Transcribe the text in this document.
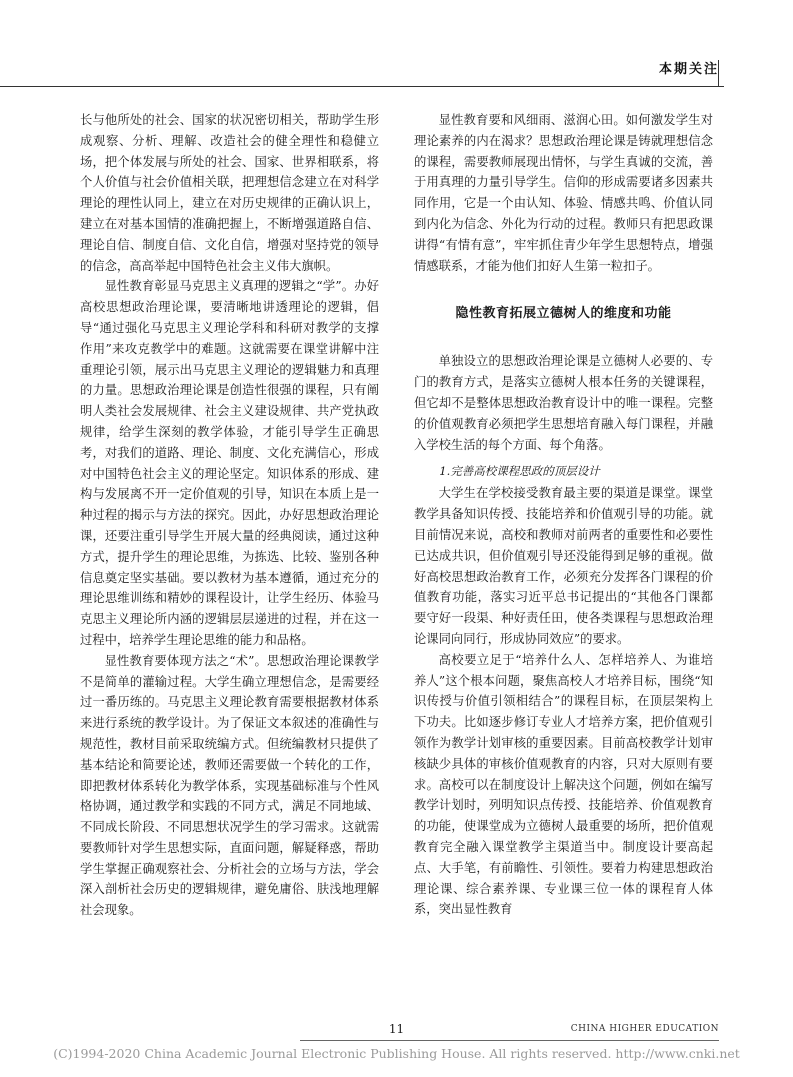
本期关注

长与他所处的社会、国家的状况密切相关，帮助学生形成观察、分析、理解、改造社会的健全理性和稳健立场，把个体发展与所处的社会、国家、世界相联系，将个人价值与社会价值相关联，把理想信念建立在对科学理论的理性认同上，建立在对历史规律的正确认识上，建立在对基本国情的准确把握上，不断增强道路自信、理论自信、制度自信、文化自信，增强对坚持党的领导的信念，高高举起中国特色社会主义伟大旗帜。

显性教育彰显马克思主义真理的逻辑之“学”。办好高校思想政治理论课，要清晰地讲透理论的逻辑，倡导“通过强化马克思主义理论学科和科研对教学的支撑作用”来攻克教学中的难题。这就需要在课堂讲解中注重理论引领，展示出马克思主义理论的逻辑魅力和真理的力量。思想政治理论课是创造性很强的课程，只有阐明人类社会发展规律、社会主义建设规律、共产党执政规律，给学生深刻的教学体验，才能引导学生正确思考，对我们的道路、理论、制度、文化充满信心，形成对中国特色社会主义的理论坚定。知识体系的形成、建构与发展离不开一定价值观的引导，知识在本质上是一种过程的揭示与方法的探究。因此，办好思想政治理论课，还要注重引导学生开展大量的经典阅读，通过这种方式，提升学生的理论思维，为拣选、比较、鉴别各种信息奠定坚实基础。要以教材为基本遵循，通过充分的理论思维训练和精妙的课程设计，让学生经历、体验马克思主义理论所内涵的逻辑层层递进的过程，并在这一过程中，培养学生理论思维的能力和品格。

显性教育要体现方法之“术”。思想政治理论课教学不是简单的灌输过程。大学生确立理想信念，是需要经过一番历练的。马克思主义理论教育需要根据教材体系来进行系统的教学设计。为了保证文本叙述的准确性与规范性，教材目前采取统编方式。但统编教材只提供了基本结论和简要论述，教师还需要做一个转化的工作，即把教材体系转化为教学体系，实现基础标准与个性风格协调，通过教学和实践的不同方式，满足不同地域、不同成长阶段、不同思想状况学生的学习需求。这就需要教师针对学生思想实际，直面问题，解疑释惑，帮助学生掌握正确观察社会、分析社会的立场与方法，学会深入剖析社会历史的逻辑规律，避免庸俗、肤浅地理解社会现象。

显性教育要和风细雨、滋润心田。如何激发学生对理论素养的内在渴求？思想政治理论课是铸就理想信念的课程，需要教师展现出情怀，与学生真诚的交流，善于用真理的力量引导学生。信仰的形成需要诸多因素共同作用，它是一个由认知、体验、情感共鸣、价值认同到内化为信念、外化为行动的过程。教师只有把思政课讲得“有情有意”，牢牢抓住青少年学生思想特点，增强情感联系，才能为他们扣好人生第一粒扣子。

隐性教育拓展立德树人的维度和功能

单独设立的思想政治理论课是立德树人必要的、专门的教育方式，是落实立德树人根本任务的关键课程，但它却不是整体思想政治教育设计中的唯一课程。完整的价值观教育必须把学生思想培育融入每门课程，并融入学校生活的每个方面、每个角落。

1.完善高校课程思政的顶层设计

大学生在学校接受教育最主要的渠道是课堂。课堂教学具备知识传授、技能培养和价值观引导的功能。就目前情况来说，高校和教师对前两者的重要性和必要性已达成共识，但价值观引导还没能得到足够的重视。做好高校思想政治教育工作，必须充分发挥各门课程的价值教育功能，落实习近平总书记提出的“其他各门课都要守好一段渠、种好责任田，使各类课程与思想政治理论课同向同行，形成协同效应”的要求。

高校要立足于“培养什么人、怎样培养人、为谁培养人”这个根本问题，聚焦高校人才培养目标，围绕“知识传授与价值引领相结合”的课程目标，在顶层架构上下功夫。比如逐步修订专业人才培养方案，把价值观引领作为教学计划审核的重要因素。目前高校教学计划审核缺少具体的审核价值观教育的内容，只对大原则有要求。高校可以在制度设计上解决这个问题，例如在编写教学计划时，列明知识点传授、技能培养、价值观教育的功能，使课堂成为立德树人最重要的场所，把价值观教育完全融入课堂教学主渠道当中。制度设计要高起点、大手笔，有前瞻性、引领性。要着力构建思想政治理论课、综合素养课、专业课三位一体的课程育人体系，突出显性教育

11	CHINA HIGHER EDUCATION
(C)1994-2020 China Academic Journal Electronic Publishing House. All rights reserved. http://www.cnki.net
